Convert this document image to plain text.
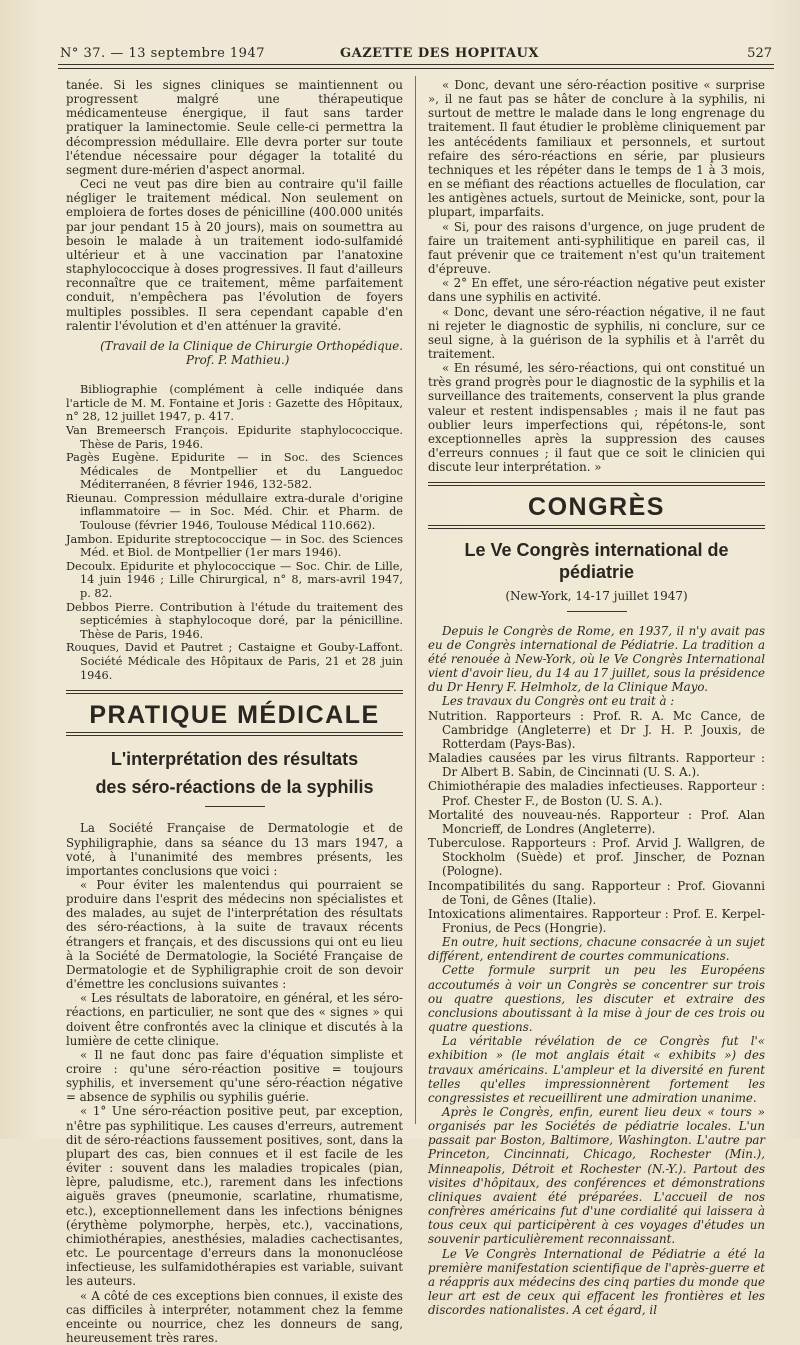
N° 37. — 13 septembre 1947	GAZETTE DES HOPITAUX	527

tanée. Si les signes cliniques se maintiennent ou progressent malgré une thérapeutique médicamenteuse énergique, il faut sans tarder pratiquer la laminectomie. Seule celle-ci permettra la décompression médullaire. Elle devra porter sur toute l'étendue nécessaire pour dégager la totalité du segment dure-mérien d'aspect anormal.

Ceci ne veut pas dire bien au contraire qu'il faille négliger le traitement médical. Non seulement on emploiera de fortes doses de pénicilline (400.000 unités par jour pendant 15 à 20 jours), mais on soumettra au besoin le malade à un traitement iodo-sulfamidé ultérieur et à une vaccination par l'anatoxine staphylococcique à doses progressives. Il faut d'ailleurs reconnaître que ce traitement, même parfaitement conduit, n'empêchera pas l'évolution de foyers multiples possibles. Il sera cependant capable d'en ralentir l'évolution et d'en atténuer la gravité.

(Travail de la Clinique de Chirurgie Orthopédique.

Prof. P. Mathieu.)

Bibliographie (complément à celle indiquée dans l'article de M. M. Fontaine et Joris : Gazette des Hôpitaux, n° 28, 12 juillet 1947, p. 417.

Van Bremeersch François. Epidurite staphylococcique. Thèse de Paris, 1946.

Pagès Eugène. Epidurite — in Soc. des Sciences Médicales de Montpellier et du Languedoc Méditerranéen, 8 février 1946, 132-582.

Rieunau. Compression médullaire extra-durale d'origine inflammatoire — in Soc. Méd. Chir. et Pharm. de Toulouse (février 1946, Toulouse Médical 110.662).

Jambon. Epidurite streptococcique — in Soc. des Sciences Méd. et Biol. de Montpellier (1er mars 1946).

Decoulx. Epidurite et phylococcique — Soc. Chir. de Lille, 14 juin 1946 ; Lille Chirurgical, n° 8, mars-avril 1947, p. 82.

Debbos Pierre. Contribution à l'étude du traitement des septicémies à staphylocoque doré, par la pénicilline. Thèse de Paris, 1946.

Rouques, David et Pautret ; Castaigne et Gouby-Laffont. Société Médicale des Hôpitaux de Paris, 21 et 28 juin 1946.

PRATIQUE MÉDICALE
L'interprétation des résultats
des séro-réactions de la syphilis

La Société Française de Dermatologie et de Syphiligraphie, dans sa séance du 13 mars 1947, a voté, à l'unanimité des membres présents, les importantes conclusions que voici :

« Pour éviter les malentendus qui pourraient se produire dans l'esprit des médecins non spécialistes et des malades, au sujet de l'interprétation des résultats des séro-réactions, à la suite de travaux récents étrangers et français, et des discussions qui ont eu lieu à la Société de Dermatologie, la Société Française de Dermatologie et de Syphiligraphie croit de son devoir d'émettre les conclusions suivantes :

« Les résultats de laboratoire, en général, et les séro-réactions, en particulier, ne sont que des « signes » qui doivent être confrontés avec la clinique et discutés à la lumière de cette clinique.

« Il ne faut donc pas faire d'équation simpliste et croire : qu'une séro-réaction positive = toujours syphilis, et inversement qu'une séro-réaction négative = absence de syphilis ou syphilis guérie.

« 1° Une séro-réaction positive peut, par exception, n'être pas syphilitique. Les causes d'erreurs, autrement dit de séro-réactions faussement positives, sont, dans la plupart des cas, bien connues et il est facile de les éviter : souvent dans les maladies tropicales (pian, lèpre, paludisme, etc.), rarement dans les infections aiguës graves (pneumonie, scarlatine, rhumatisme, etc.), exceptionnellement dans les infections bénignes (érythème polymorphe, herpès, etc.), vaccinations, chimiothérapies, anesthésies, maladies cachectisantes, etc. Le pourcentage d'erreurs dans la mononucléose infectieuse, les sulfamidothérapies est variable, suivant les auteurs.

« A côté de ces exceptions bien connues, il existe des cas difficiles à interpréter, notamment chez la femme enceinte ou nourrice, chez les donneurs de sang, heureusement très rares.

« Donc, devant une séro-réaction positive « surprise », il ne faut pas se hâter de conclure à la syphilis, ni surtout de mettre le malade dans le long engrenage du traitement. Il faut étudier le problème cliniquement par les antécédents familiaux et personnels, et surtout refaire des séro-réactions en série, par plusieurs techniques et les répéter dans le temps de 1 à 3 mois, en se méfiant des réactions actuelles de floculation, car les antigènes actuels, surtout de Meinicke, sont, pour la plupart, imparfaits.

« Si, pour des raisons d'urgence, on juge prudent de faire un traitement anti-syphilitique en pareil cas, il faut prévenir que ce traitement n'est qu'un traitement d'épreuve.

« 2° En effet, une séro-réaction négative peut exister dans une syphilis en activité.

« Donc, devant une séro-réaction négative, il ne faut ni rejeter le diagnostic de syphilis, ni conclure, sur ce seul signe, à la guérison de la syphilis et à l'arrêt du traitement.

« En résumé, les séro-réactions, qui ont constitué un très grand progrès pour le diagnostic de la syphilis et la surveillance des traitements, conservent la plus grande valeur et restent indispensables ; mais il ne faut pas oublier leurs imperfections qui, répétons-le, sont exceptionnelles après la suppression des causes d'erreurs connues ; il faut que ce soit le clinicien qui discute leur interprétation. »

CONGRÈS
Le Ve Congrès international de pédiatrie

(New-York, 14-17 juillet 1947)

Depuis le Congrès de Rome, en 1937, il n'y avait pas eu de Congrès international de Pédiatrie. La tradition a été renouée à New-York, où le Ve Congrès International vient d'avoir lieu, du 14 au 17 juillet, sous la présidence du Dr Henry F. Helmholz, de la Clinique Mayo.

Les travaux du Congrès ont eu trait à :

Nutrition. Rapporteurs : Prof. R. A. Mc Cance, de Cambridge (Angleterre) et Dr J. H. P. Jouxis, de Rotterdam (Pays-Bas).

Maladies causées par les virus filtrants. Rapporteur : Dr Albert B. Sabin, de Cincinnati (U. S. A.).

Chimiothérapie des maladies infectieuses. Rapporteur : Prof. Chester F., de Boston (U. S. A.).

Mortalité des nouveau-nés. Rapporteur : Prof. Alan Moncrieff, de Londres (Angleterre).

Tuberculose. Rapporteurs : Prof. Arvid J. Wallgren, de Stockholm (Suède) et prof. Jinscher, de Poznan (Pologne).

Incompatibilités du sang. Rapporteur : Prof. Giovanni de Toni, de Gênes (Italie).

Intoxications alimentaires. Rapporteur : Prof. E. Kerpel-Fronius, de Pecs (Hongrie).

En outre, huit sections, chacune consacrée à un sujet différent, entendirent de courtes communications.

Cette formule surprit un peu les Européens accoutumés à voir un Congrès se concentrer sur trois ou quatre questions, les discuter et extraire des conclusions aboutissant à la mise à jour de ces trois ou quatre questions.

La véritable révélation de ce Congrès fut l'« exhibition » (le mot anglais était « exhibits ») des travaux américains. L'ampleur et la diversité en furent telles qu'elles impressionnèrent fortement les congressistes et recueillirent une admiration unanime.

Après le Congrès, enfin, eurent lieu deux « tours » organisés par les Sociétés de pédiatrie locales. L'un passait par Boston, Baltimore, Washington. L'autre par Princeton, Cincinnati, Chicago, Rochester (Min.), Minneapolis, Détroit et Rochester (N.-Y.). Partout des visites d'hôpitaux, des conférences et démonstrations cliniques avaient été préparées. L'accueil de nos confrères américains fut d'une cordialité qui laissera à tous ceux qui participèrent à ces voyages d'études un souvenir particulièrement reconnaissant.

Le Ve Congrès International de Pédiatrie a été la première manifestation scientifique de l'après-guerre et a réappris aux médecins des cinq parties du monde que leur art est de ceux qui effacent les frontières et les discordes nationalistes. A cet égard, il
